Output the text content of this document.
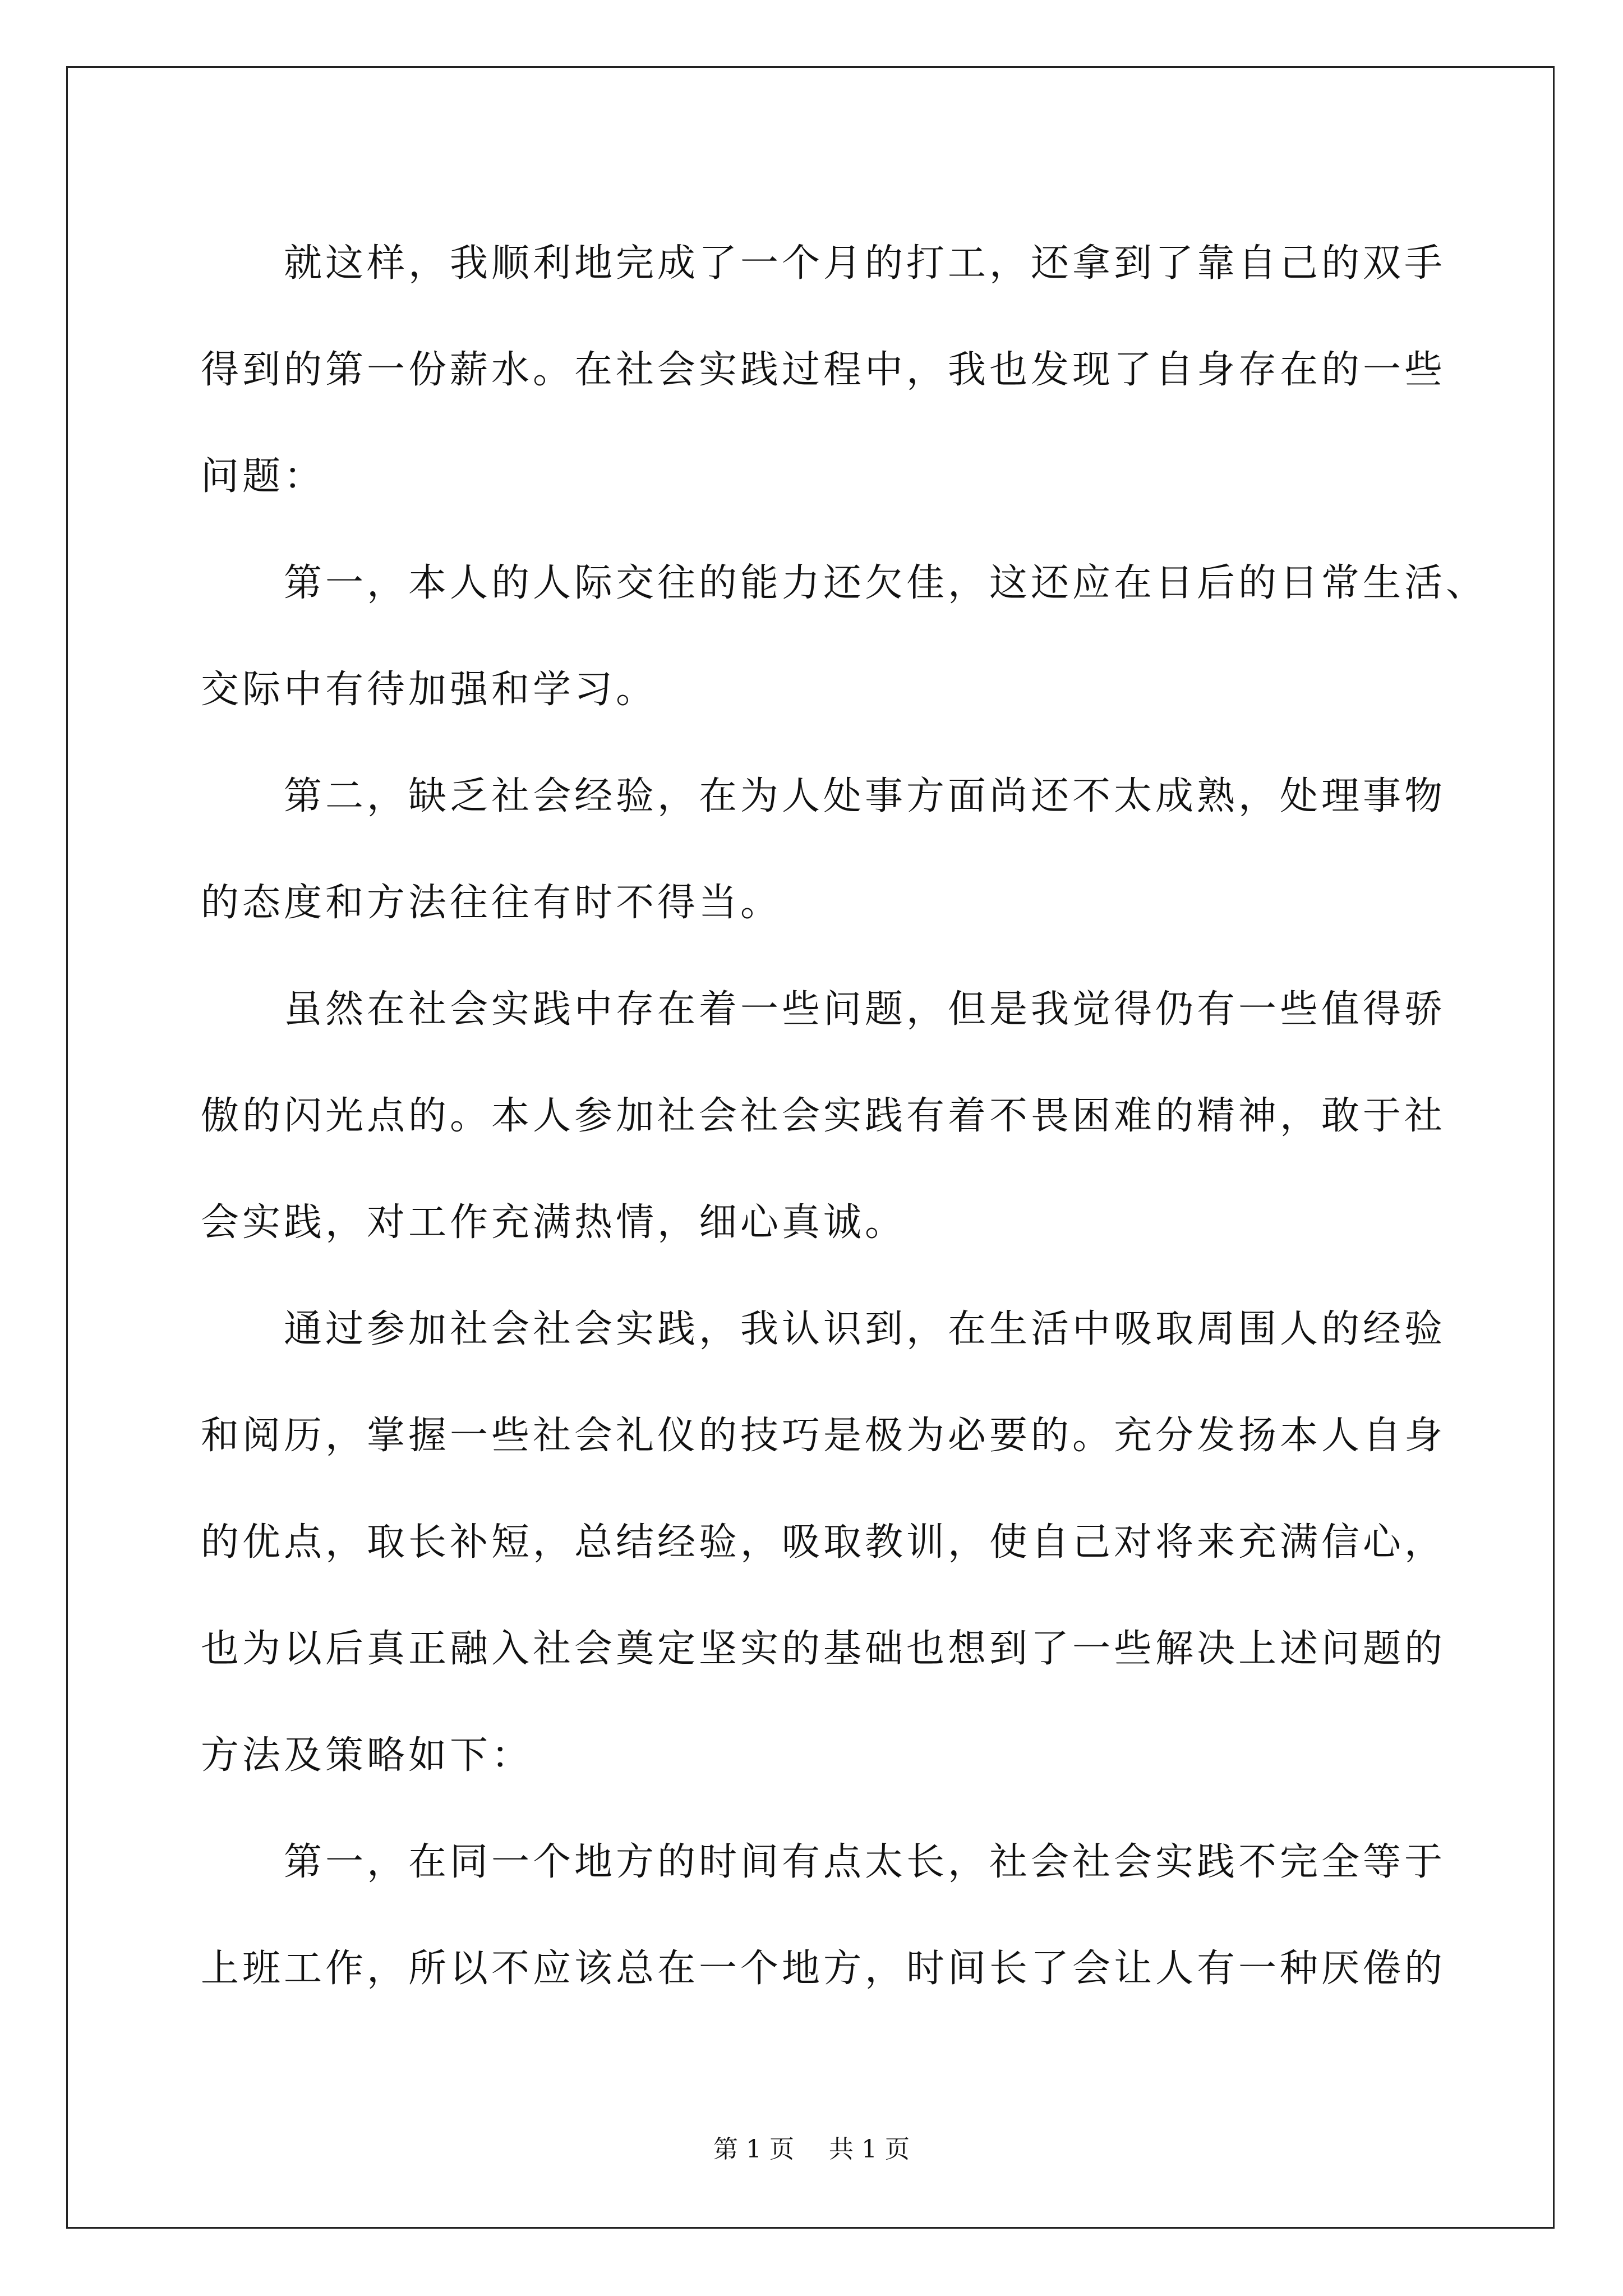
就这样，我顺利地完成了一个月的打工，还拿到了靠自己的双手
得到的第一份薪水。在社会实践过程中，我也发现了自身存在的一些
问题：
第一，本人的人际交往的能力还欠佳，这还应在日后的日常生活、
交际中有待加强和学习。
第二，缺乏社会经验，在为人处事方面尚还不太成熟，处理事物
的态度和方法往往有时不得当。
虽然在社会实践中存在着一些问题，但是我觉得仍有一些值得骄
傲的闪光点的。本人参加社会社会实践有着不畏困难的精神，敢于社
会实践，对工作充满热情，细心真诚。
通过参加社会社会实践，我认识到，在生活中吸取周围人的经验
和阅历，掌握一些社会礼仪的技巧是极为必要的。充分发扬本人自身
的优点，取长补短，总结经验，吸取教训，使自己对将来充满信心，
也为以后真正融入社会奠定坚实的基础也想到了一些解决上述问题的
方法及策略如下：
第一，在同一个地方的时间有点太长，社会社会实践不完全等于
上班工作，所以不应该总在一个地方，时间长了会让人有一种厌倦的
第 1 页 共 1 页
